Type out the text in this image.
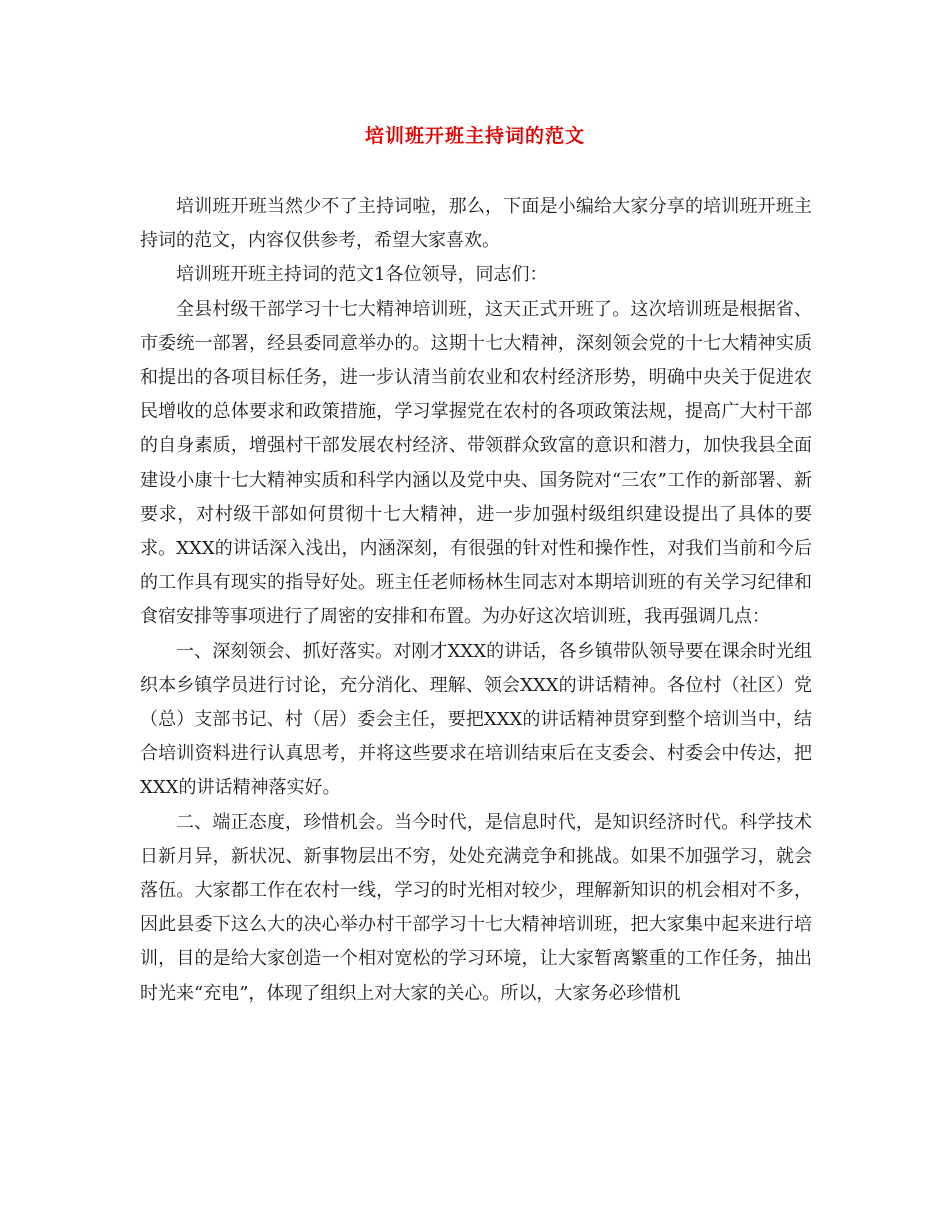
培训班开班主持词的范文

培训班开班当然少不了主持词啦，那么，下面是小编给大家分享的培训班开班主持词的范文，内容仅供参考，希望大家喜欢。

培训班开班主持词的范文1各位领导，同志们：

全县村级干部学习十七大精神培训班，这天正式开班了。这次培训班是根据省、市委统一部署，经县委同意举办的。这期十七大精神，深刻领会党的十七大精神实质和提出的各项目标任务，进一步认清当前农业和农村经济形势，明确中央关于促进农民增收的总体要求和政策措施，学习掌握党在农村的各项政策法规，提高广大村干部的自身素质，增强村干部发展农村经济、带领群众致富的意识和潜力，加快我县全面建设小康十七大精神实质和科学内涵以及党中央、国务院对“三农”工作的新部署、新要求，对村级干部如何贯彻十七大精神，进一步加强村级组织建设提出了具体的要求。XXX的讲话深入浅出，内涵深刻，有很强的针对性和操作性，对我们当前和今后的工作具有现实的指导好处。班主任老师杨林生同志对本期培训班的有关学习纪律和食宿安排等事项进行了周密的安排和布置。为办好这次培训班，我再强调几点：

一、深刻领会、抓好落实。对刚才XXX的讲话，各乡镇带队领导要在课余时光组织本乡镇学员进行讨论，充分消化、理解、领会XXX的讲话精神。各位村（社区）党（总）支部书记、村（居）委会主任，要把XXX的讲话精神贯穿到整个培训当中，结合培训资料进行认真思考，并将这些要求在培训结束后在支委会、村委会中传达，把XXX的讲话精神落实好。

二、端正态度，珍惜机会。当今时代，是信息时代，是知识经济时代。科学技术日新月异，新状况、新事物层出不穷，处处充满竞争和挑战。如果不加强学习，就会落伍。大家都工作在农村一线，学习的时光相对较少，理解新知识的机会相对不多，因此县委下这么大的决心举办村干部学习十七大精神培训班，把大家集中起来进行培训，目的是给大家创造一个相对宽松的学习环境，让大家暂离繁重的工作任务，抽出时光来“充电”，体现了组织上对大家的关心。所以，大家务必珍惜机
